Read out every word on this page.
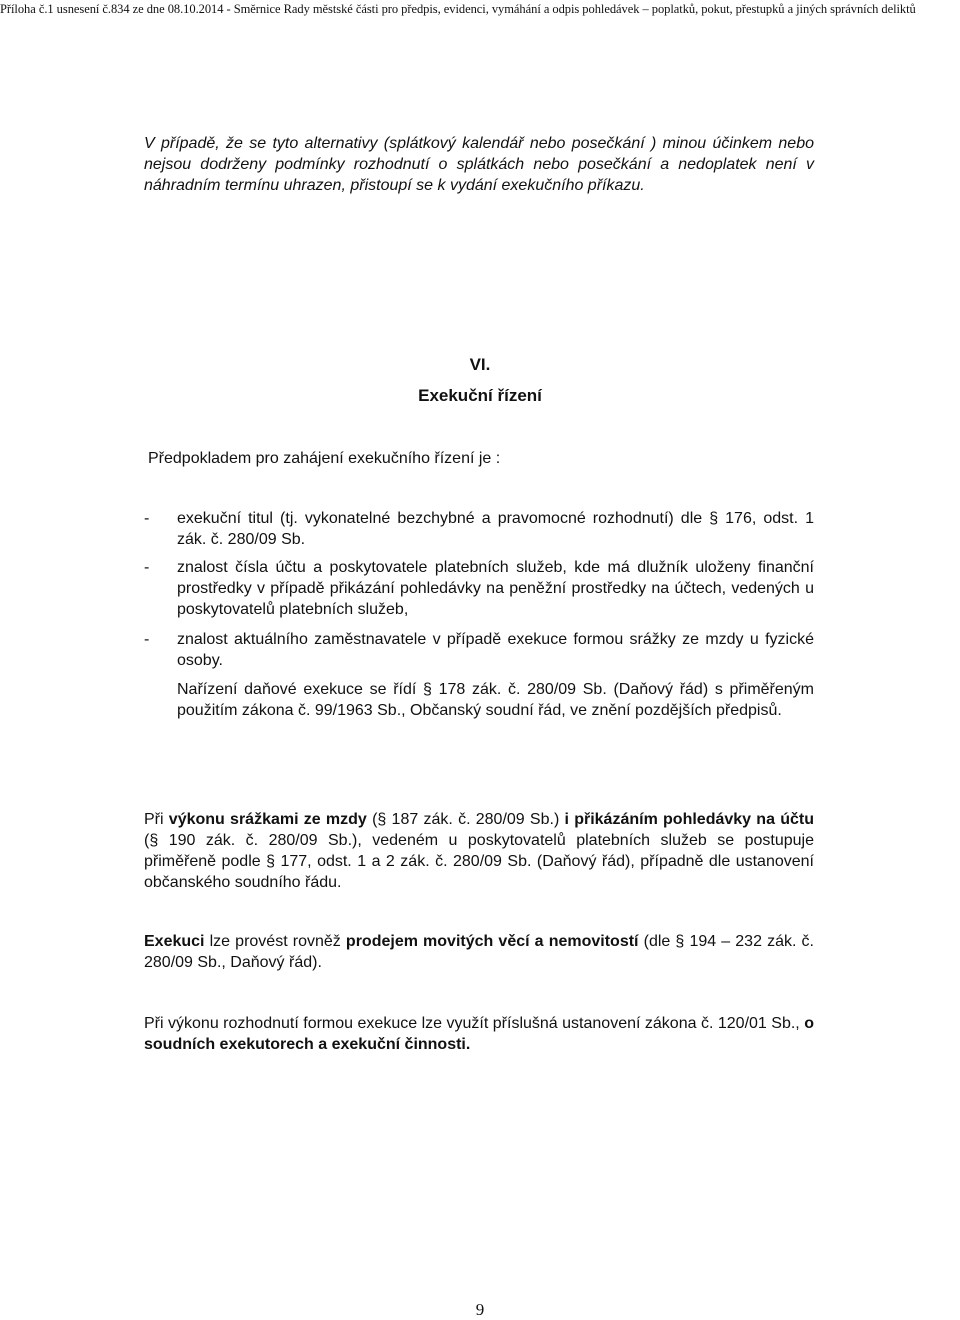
Příloha č.1 usnesení č.834 ze dne 08.10.2014 - Směrnice Rady městské části pro předpis, evidenci, vymáhání a odpis pohledávek – poplatků, pokut, přestupků a jiných správních deliktů

V případě, že se tyto alternativy (splátkový kalendář nebo posečkání ) minou účinkem nebo nejsou dodrženy podmínky rozhodnutí o splátkách nebo posečkání a nedoplatek není v náhradním termínu uhrazen, přistoupí se k vydání exekučního příkazu.

VI.
Exekuční řízení
Předpokladem pro zahájení exekučního řízení je :
-	exekuční titul (tj. vykonatelné bezchybné a pravomocné rozhodnutí) dle § 176, odst. 1 zák. č. 280/09 Sb.
-	znalost čísla účtu a poskytovatele platebních služeb, kde má dlužník uloženy finanční prostředky v případě přikázání pohledávky na peněžní prostředky na účtech, vedených u poskytovatelů platebních služeb,
-	znalost aktuálního zaměstnavatele v případě exekuce formou srážky ze mzdy u fyzické osoby.
Nařízení daňové exekuce se řídí § 178 zák. č. 280/09 Sb. (Daňový řád) s přiměřeným použitím zákona č. 99/1963 Sb., Občanský soudní řád, ve znění pozdějších předpisů.

Při výkonu srážkami ze mzdy (§ 187 zák. č. 280/09 Sb.) i přikázáním pohledávky na účtu (§ 190 zák. č. 280/09 Sb.), vedeném u poskytovatelů platebních služeb se postupuje přiměřeně podle § 177, odst. 1 a 2 zák. č. 280/09 Sb. (Daňový řád), případně dle ustanovení občanského soudního řádu.

Exekuci lze provést rovněž prodejem movitých věcí a nemovitostí (dle § 194 – 232 zák. č. 280/09 Sb., Daňový řád).

Při výkonu rozhodnutí formou exekuce lze využít příslušná ustanovení zákona č. 120/01 Sb., o soudních exekutorech a exekuční činnosti.

9
